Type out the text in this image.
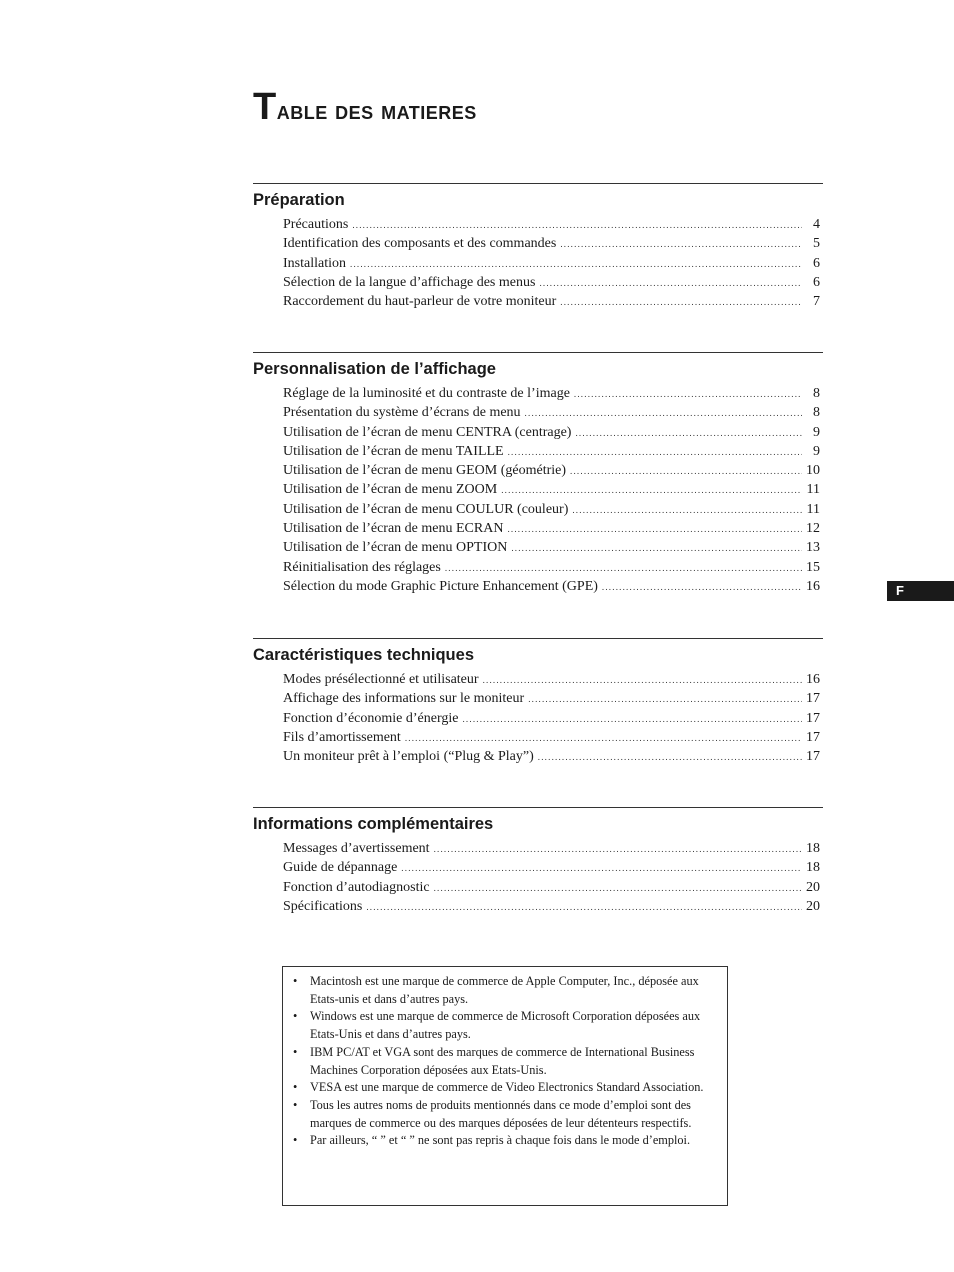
Table des matieres
Préparation
Précautions .....	4
Identification des composants et des commandes .....	5
Installation .....	6
Sélection de la langue d’affichage des menus .....	6
Raccordement du haut-parleur de votre moniteur .....	7
Personnalisation de l’affichage
Réglage de la luminosité et du contraste de l’image .....	8
Présentation du système d’écrans de menu .....	8
Utilisation de l’écran de menu CENTRA (centrage) .....	9
Utilisation de l’écran de menu TAILLE .....	9
Utilisation de l’écran de menu GEOM (géométrie) .....	10
Utilisation de l’écran de menu ZOOM .....	11
Utilisation de l’écran de menu COULUR (couleur) .....	11
Utilisation de l’écran de menu ECRAN .....	12
Utilisation de l’écran de menu OPTION .....	13
Réinitialisation des réglages .....	15
Sélection du mode Graphic Picture Enhancement (GPE) .....	16
Caractéristiques techniques
Modes présélectionné et utilisateur .....	16
Affichage des informations sur le moniteur .....	17
Fonction d’économie d’énergie .....	17
Fils d’amortissement .....	17
Un moniteur prêt à l’emploi (“Plug & Play”) .....	17
Informations complémentaires
Messages d’avertissement .....	18
Guide de dépannage .....	18
Fonction d’autodiagnostic .....	20
Spécifications .....	20
F
• Macintosh est une marque de commerce de Apple Computer, Inc., déposée aux Etats-unis et dans d’autres pays.
• Windows est une marque de commerce de Microsoft Corporation déposées aux Etats-Unis et dans d’autres pays.
• IBM PC/AT et VGA sont des marques de commerce de International Business Machines Corporation déposées aux Etats-Unis.
• VESA est une marque de commerce de Video Electronics Standard Association.
• Tous les autres noms de produits mentionnés dans ce mode d’emploi sont des marques de commerce ou des marques déposées de leur détenteurs respectifs.
• Par ailleurs, “ ” et “ ” ne sont pas repris à chaque fois dans le mode d’emploi.
